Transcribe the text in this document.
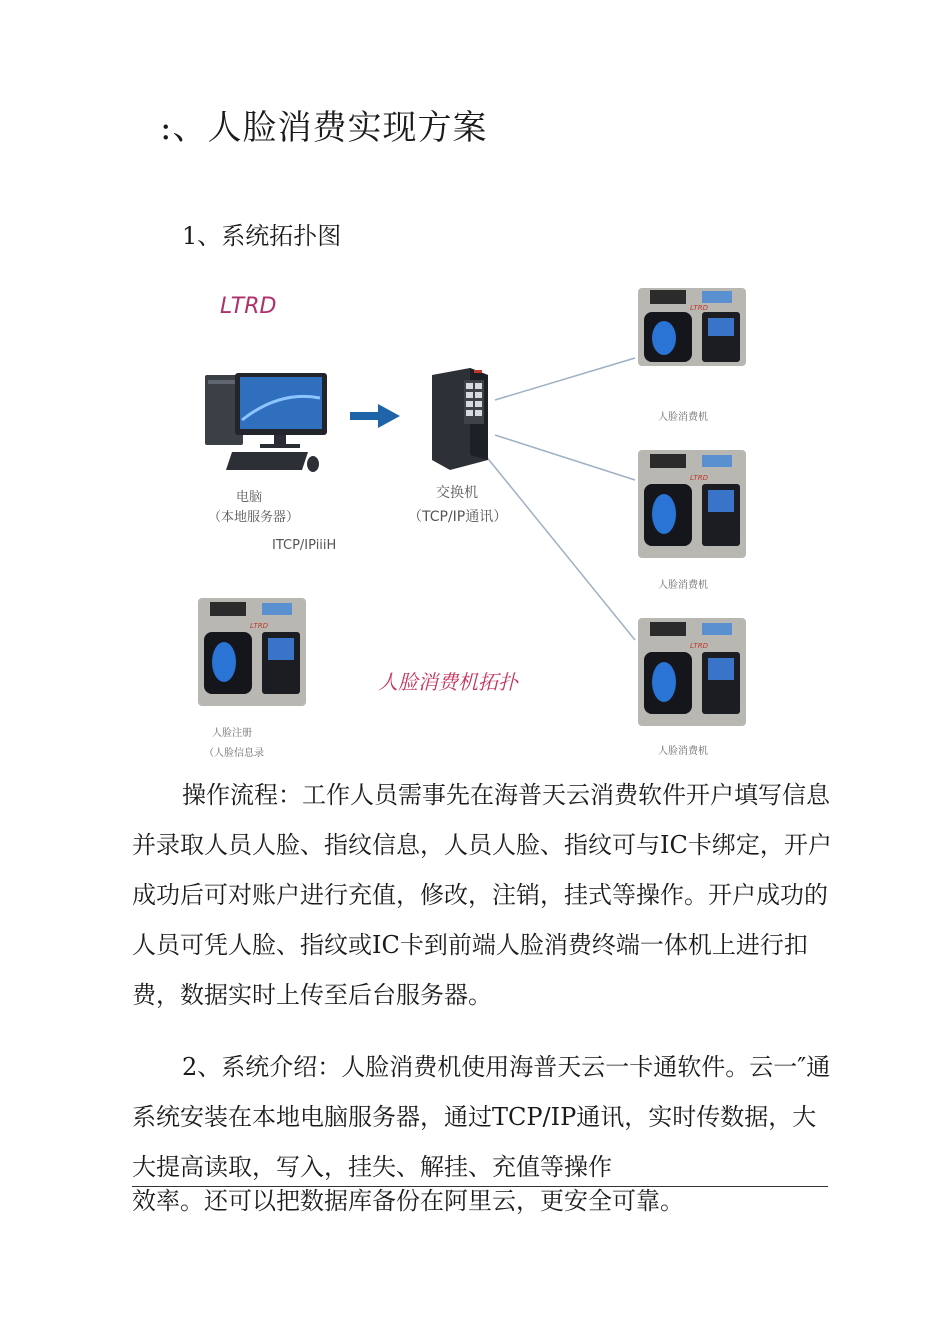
:、人脸消费实现方案
1、系统拓扑图
LTRD
LTRD
LTRD
LTRD
LTRD
电脑
（本地服务器）
ITCP/IPiiiH
交换机
（TCP/IP通讯）
人脸消费机
人脸消费机
人脸消费机
人脸注册
（人脸信息录
人脸消费机拓扑
操作流程：工作人员需事先在海普天云消费软件开户填写信息并录取人员人脸、指纹信息，人员人脸、指纹可与IC卡绑定，开户成功后可对账户进行充值，修改，注销，挂式等操作。开户成功的人员可凭人脸、指纹或IC卡到前端人脸消费终端一体机上进行扣费，数据实时上传至后台服务器。
2、系统介绍：人脸消费机使用海普天云一卡通软件。云一″通系统安装在本地电脑服务器，通过TCP/IP通讯，实时传数据，大大提高读取，写入，挂失、解挂、充值等操作
效率。还可以把数据库备份在阿里云，更安全可靠。
